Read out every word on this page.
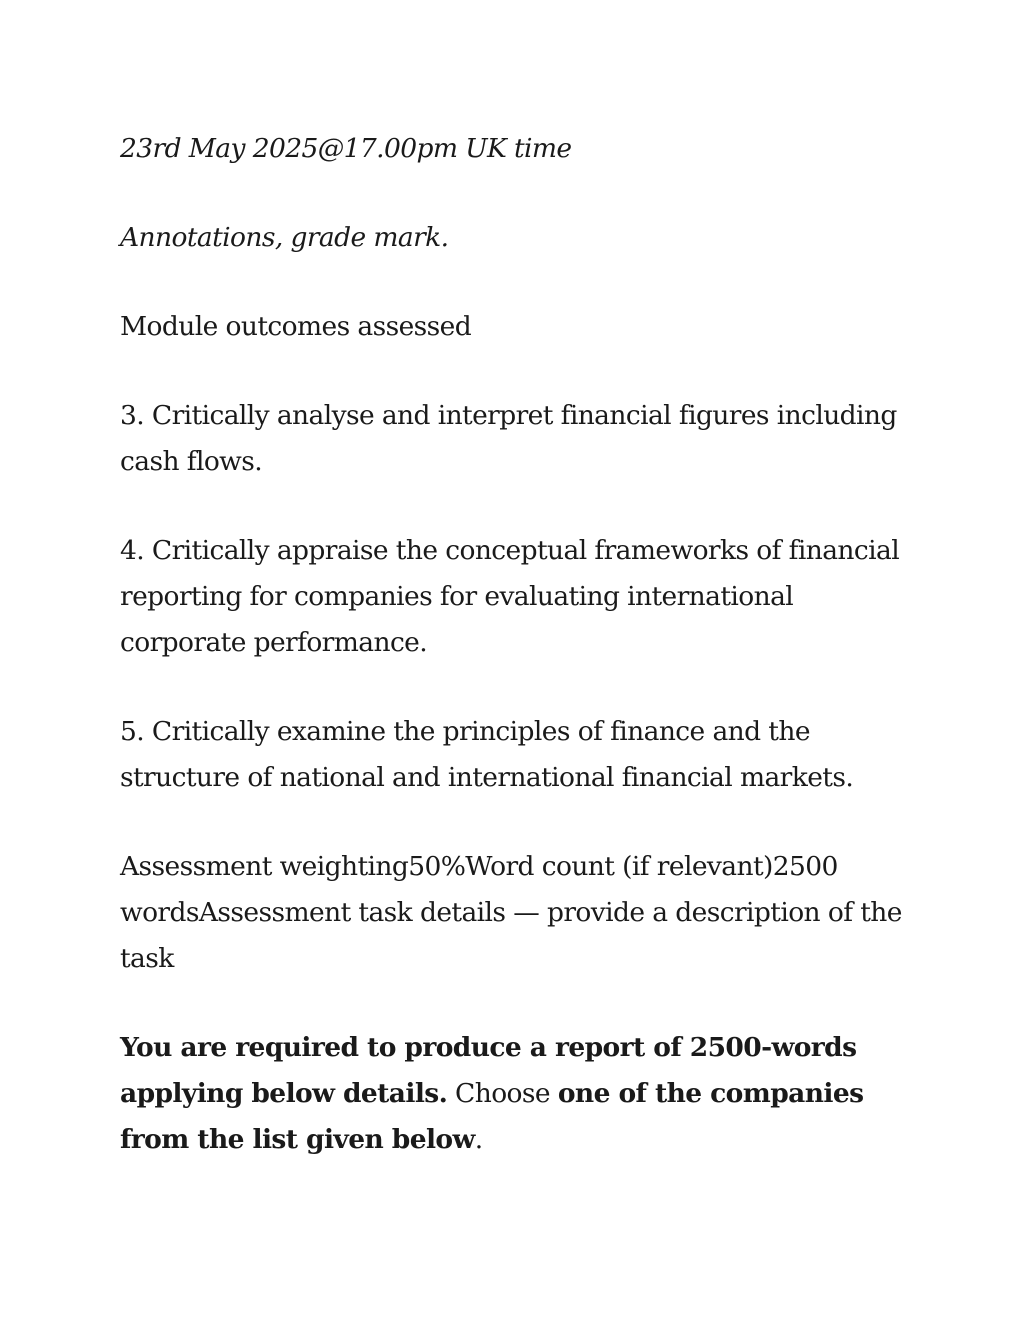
23rd May 2025@17.00pm UK time

Annotations, grade mark.

Module outcomes assessed

3. Critically analyse and interpret financial figures including cash flows.

4. Critically appraise the conceptual frameworks of financial reporting for companies for evaluating international corporate performance.

5. Critically examine the principles of finance and the structure of national and international financial markets.

Assessment weighting50%Word count (if relevant)2500 wordsAssessment task details — provide a description of the task

You are required to produce a report of 2500-words applying below details. Choose one of the companies from the list given below.
